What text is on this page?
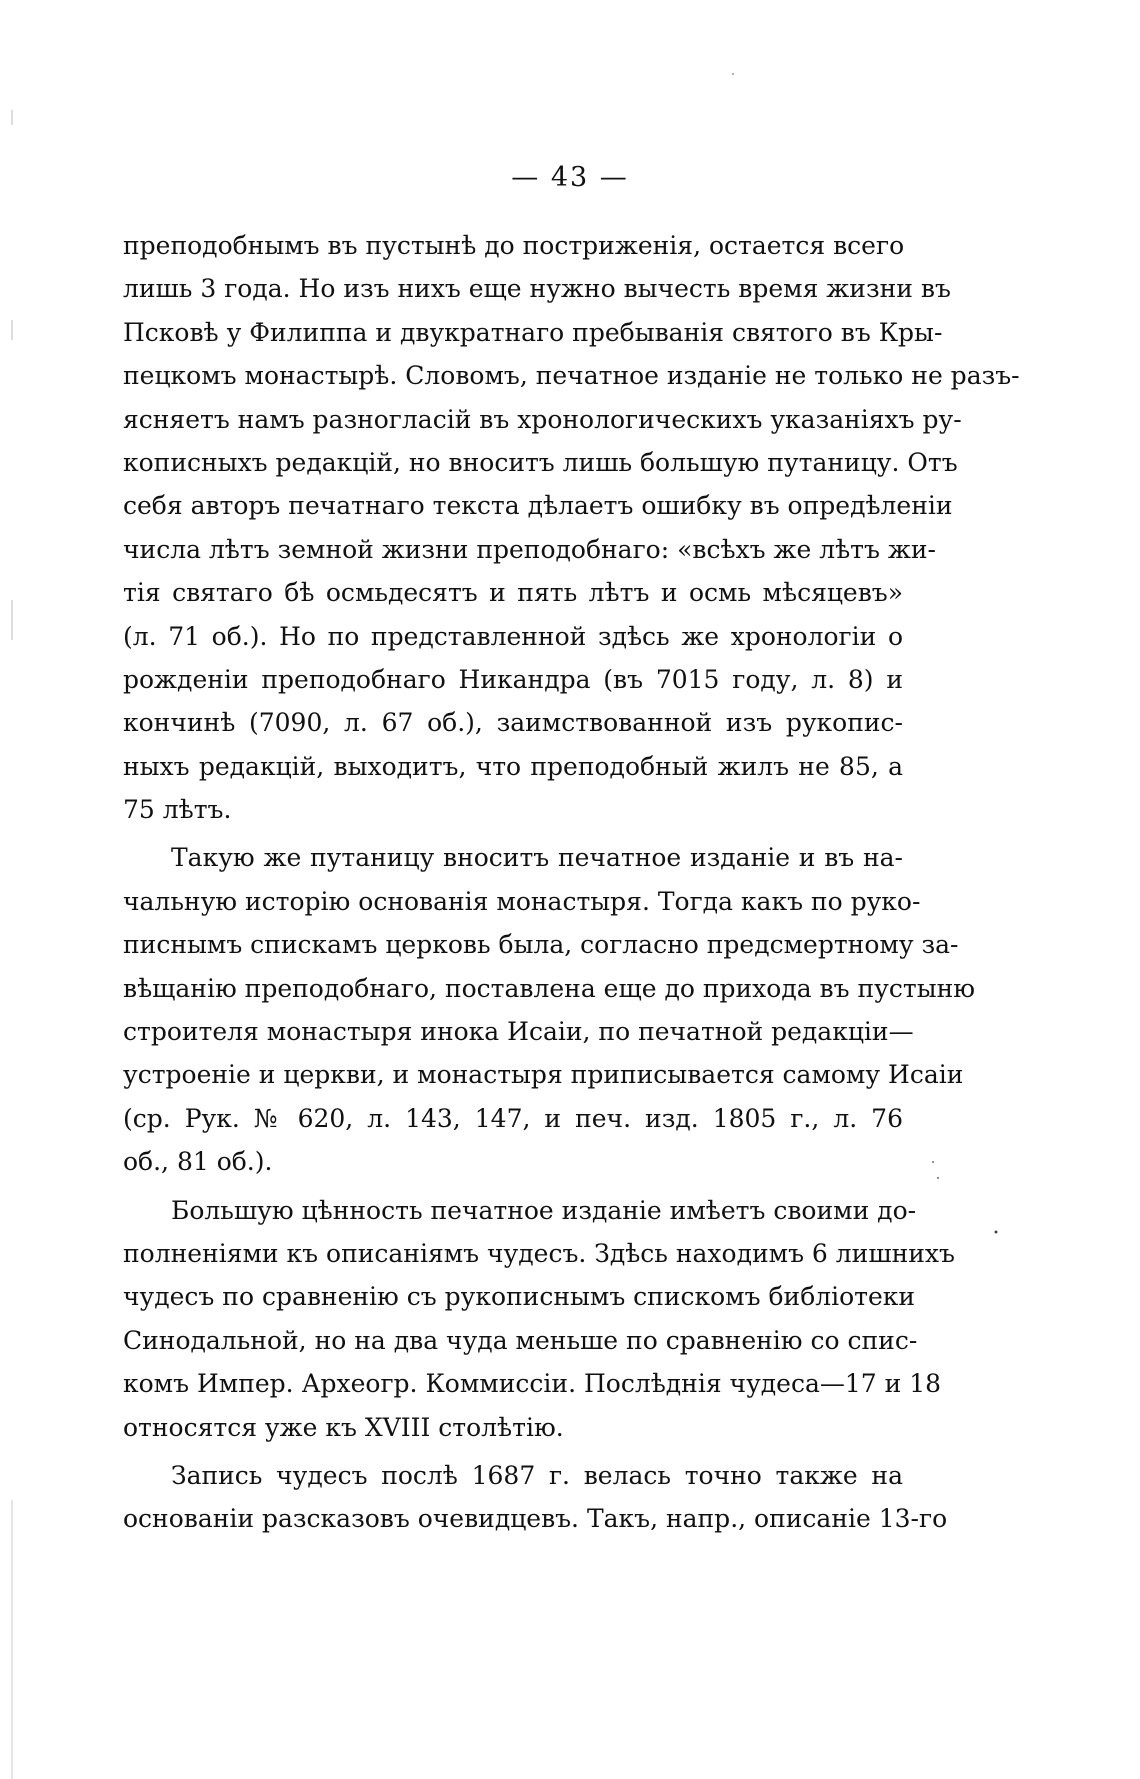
— 43 —
преподобнымъ въ пустынѣ до постриженія, остается всего
лишь 3 года. Но изъ нихъ еще нужно вычесть время жизни въ
Псковѣ у Филиппа и двукратнаго пребыванія святого въ Кры-
пецкомъ монастырѣ. Словомъ, печатное изданіе не только не разъ-
ясняетъ намъ разногласій въ хронологическихъ указаніяхъ ру-
кописныхъ редакцій, но вноситъ лишь большую путаницу. Отъ
себя авторъ печатнаго текста дѣлаетъ ошибку въ опредѣленіи
числа лѣтъ земной жизни преподобнаго: «всѣхъ же лѣтъ жи-
тія святаго бѣ осмьдесятъ и пять лѣтъ и осмь мѣсяцевъ»
(л. 71 об.). Но по представленной здѣсь же хронологіи о
рожденіи преподобнаго Никандра (въ 7015 году, л. 8) и
кончинѣ (7090, л. 67 об.), заимствованной изъ рукопис-
ныхъ редакцій, выходитъ, что преподобный жилъ не 85, а
75 лѣтъ.
Такую же путаницу вноситъ печатное изданіе и въ на-
чальную исторію основанія монастыря. Тогда какъ по руко-
писнымъ спискамъ церковь была, согласно предсмертному за-
вѣщанію преподобнаго, поставлена еще до прихода въ пустыню
строителя монастыря инока Исаіи, по печатной редакціи—
устроеніе и церкви, и монастыря приписывается самому Исаіи
(ср. Рук. № 620, л. 143, 147, и печ. изд. 1805 г., л. 76
об., 81 об.).
Большую цѣнность печатное изданіе имѣетъ своими до-
полненіями къ описаніямъ чудесъ. Здѣсь находимъ 6 лишнихъ
чудесъ по сравненію съ рукописнымъ спискомъ библіотеки
Синодальной, но на два чуда меньше по сравненію со спис-
комъ Импер. Археогр. Коммиссіи. Послѣднія чудеса—17 и 18
относятся уже къ XVIII столѣтію.
Запись чудесъ послѣ 1687 г. велась точно также на
основаніи разсказовъ очевидцевъ. Такъ, напр., описаніе 13-го
